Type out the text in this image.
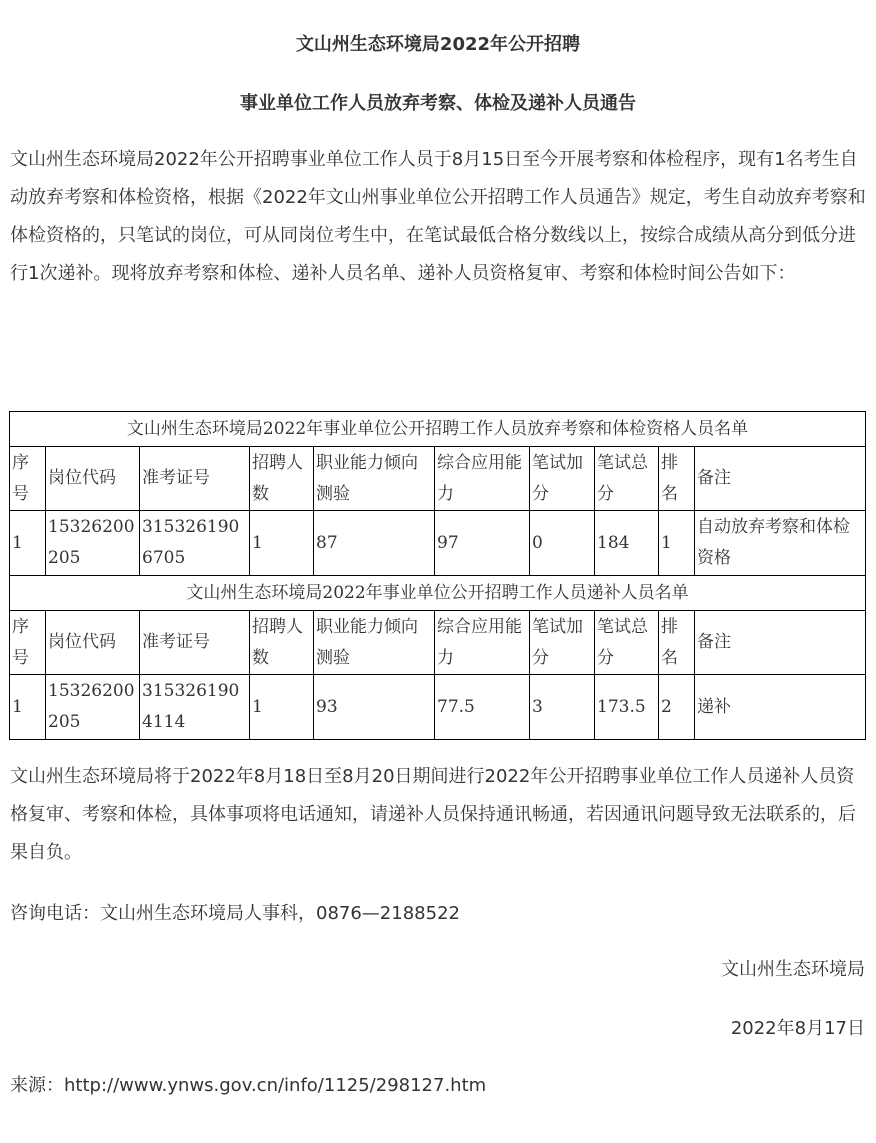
文山州生态环境局2022年公开招聘
事业单位工作人员放弃考察、体检及递补人员通告

文山州生态环境局2022年公开招聘事业单位工作人员于8月15日至今开展考察和体检程序，现有1名考生自动放弃考察和体检资格，根据《2022年文山州事业单位公开招聘工作人员通告》规定，考生自动放弃考察和体检资格的，只笔试的岗位，可从同岗位考生中，在笔试最低合格分数线以上，按综合成绩从高分到低分进行1次递补。现将放弃考察和体检、递补人员名单、递补人员资格复审、考察和体检时间公告如下：

文山州生态环境局2022年事业单位公开招聘工作人员放弃考察和体检资格人员名单									
序号	岗位代码	准考证号	招聘人数	职业能力倾向测验	综合应用能力	笔试加分	笔试总分	排名	备注
1	15326200205	3153261906705	1	87	97	0	184	1	自动放弃考察和体检资格
文山州生态环境局2022年事业单位公开招聘工作人员递补人员名单									
序号	岗位代码	准考证号	招聘人数	职业能力倾向测验	综合应用能力	笔试加分	笔试总分	排名	备注
1	15326200205	3153261904114	1	93	77.5	3	173.5	2	递补

文山州生态环境局将于2022年8月18日至8月20日期间进行2022年公开招聘事业单位工作人员递补人员资格复审、考察和体检，具体事项将电话通知，请递补人员保持通讯畅通，若因通讯问题导致无法联系的，后果自负。

咨询电话：文山州生态环境局人事科，0876—2188522

文山州生态环境局

2022年8月17日

来源：http://www.ynws.gov.cn/info/1125/298127.htm
